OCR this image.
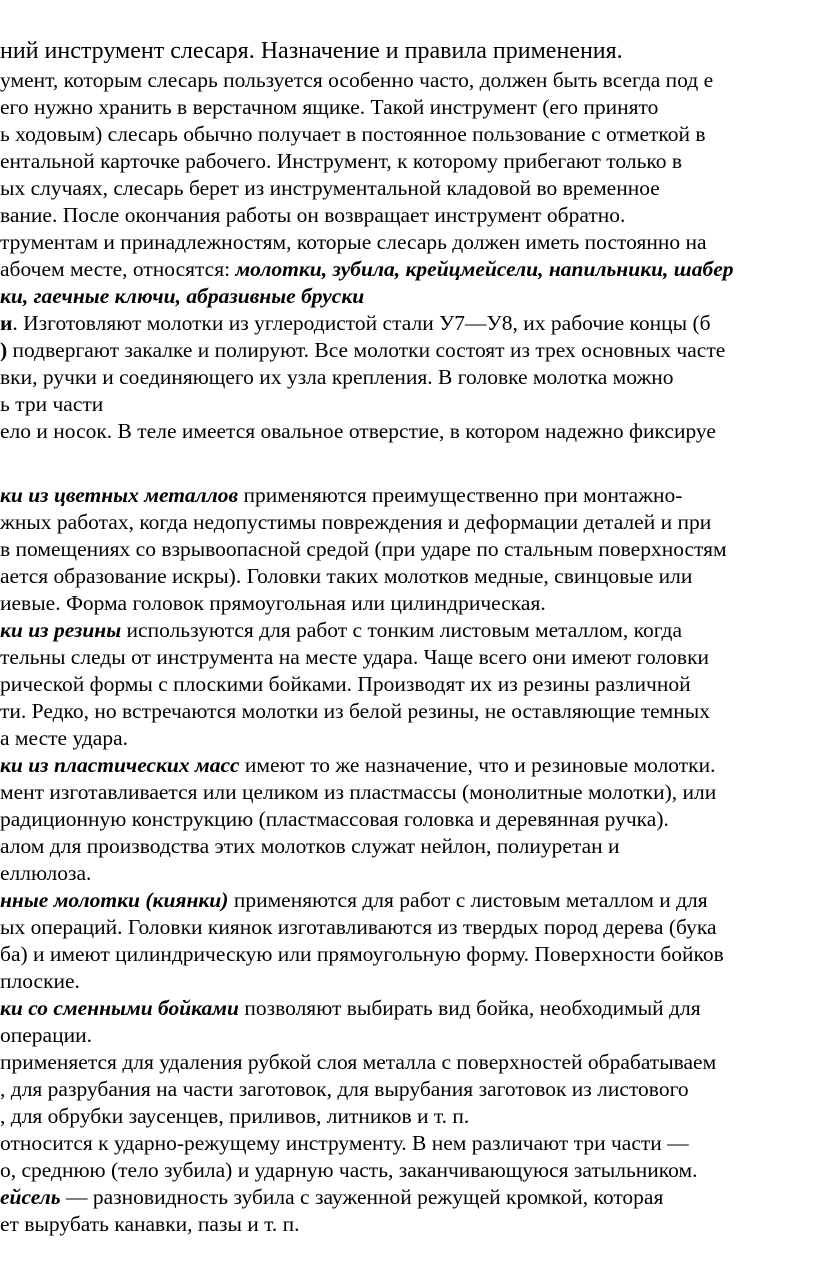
ний инструмент слесаря. Назначение и правила применения.
умент, которым слесарь пользуется особенно часто, должен быть всегда под е
его нужно хранить в верстачном ящике. Такой инструмент (его принято
ь ходовым) слесарь обычно получает в постоянное пользование с отметкой в
ентальной карточке рабочего. Инструмент, к которому прибегают только в
ых случаях, слесарь берет из инструментальной кладовой во временное
вание. После окончания работы он возвращает инструмент обратно.
трументам и принадлежностям, которые слесарь должен иметь постоянно на
абочем месте, относятся: молотки, зубила, крейцмейсели, напильники, шабер
ки, гаечные ключи, абразивные бруски
и. Изготовляют молотки из углеродистой стали У7—У8, их рабочие концы (б
) подвергают закалке и полируют. Все молотки состоят из трех основных часте
вки, ручки и соединяющего их узла крепления. В головке молотка можно
ь три части
ело и носок. В теле имеется овальное отверстие, в котором надежно фиксируе
ки из цветных металлов применяются преимущественно при монтажно-
жных работах, когда недопустимы повреждения и деформации деталей и при
в помещениях со взрывоопасной средой (при ударе по стальным поверхностям
ается образование искры). Головки таких молотков медные, свинцовые или
иевые. Форма головок прямоугольная или цилиндрическая.
ки из резины используются для работ с тонким листовым металлом, когда
тельны следы от инструмента на месте удара. Чаще всего они имеют головки
рической формы с плоскими бойками. Производят их из резины различной
ти. Редко, но встречаются молотки из белой резины, не оставляющие темных
а месте удара.
ки из пластических масс имеют то же назначение, что и резиновые молотки.
мент изготавливается или целиком из пластмассы (монолитные молотки), или
радиционную конструкцию (пластмассовая головка и деревянная ручка).
алом для производства этих молотков служат нейлон, полиуретан и
еллюлоза.
нные молотки (киянки) применяются для работ с листовым металлом и для
ых операций. Головки киянок изготавливаются из твердых пород дерева (бука
ба) и имеют цилиндрическую или прямоугольную форму. Поверхности бойков
плоские.
ки со сменными бойками позволяют выбирать вид бойка, необходимый для
операции.
применяется для удаления рубкой слоя металла с поверхностей обрабатываем
, для разрубания на части заготовок, для вырубания заготовок из листового
, для обрубки заусенцев, приливов, литников и т. п.
относится к ударно-режущему инструменту. В нем различают три части —
о, среднюю (тело зубила) и ударную часть, заканчивающуюся затыльником.
ейсель — разновидность зубила с зауженной режущей кромкой, которая
ет вырубать канавки, пазы и т. п.
